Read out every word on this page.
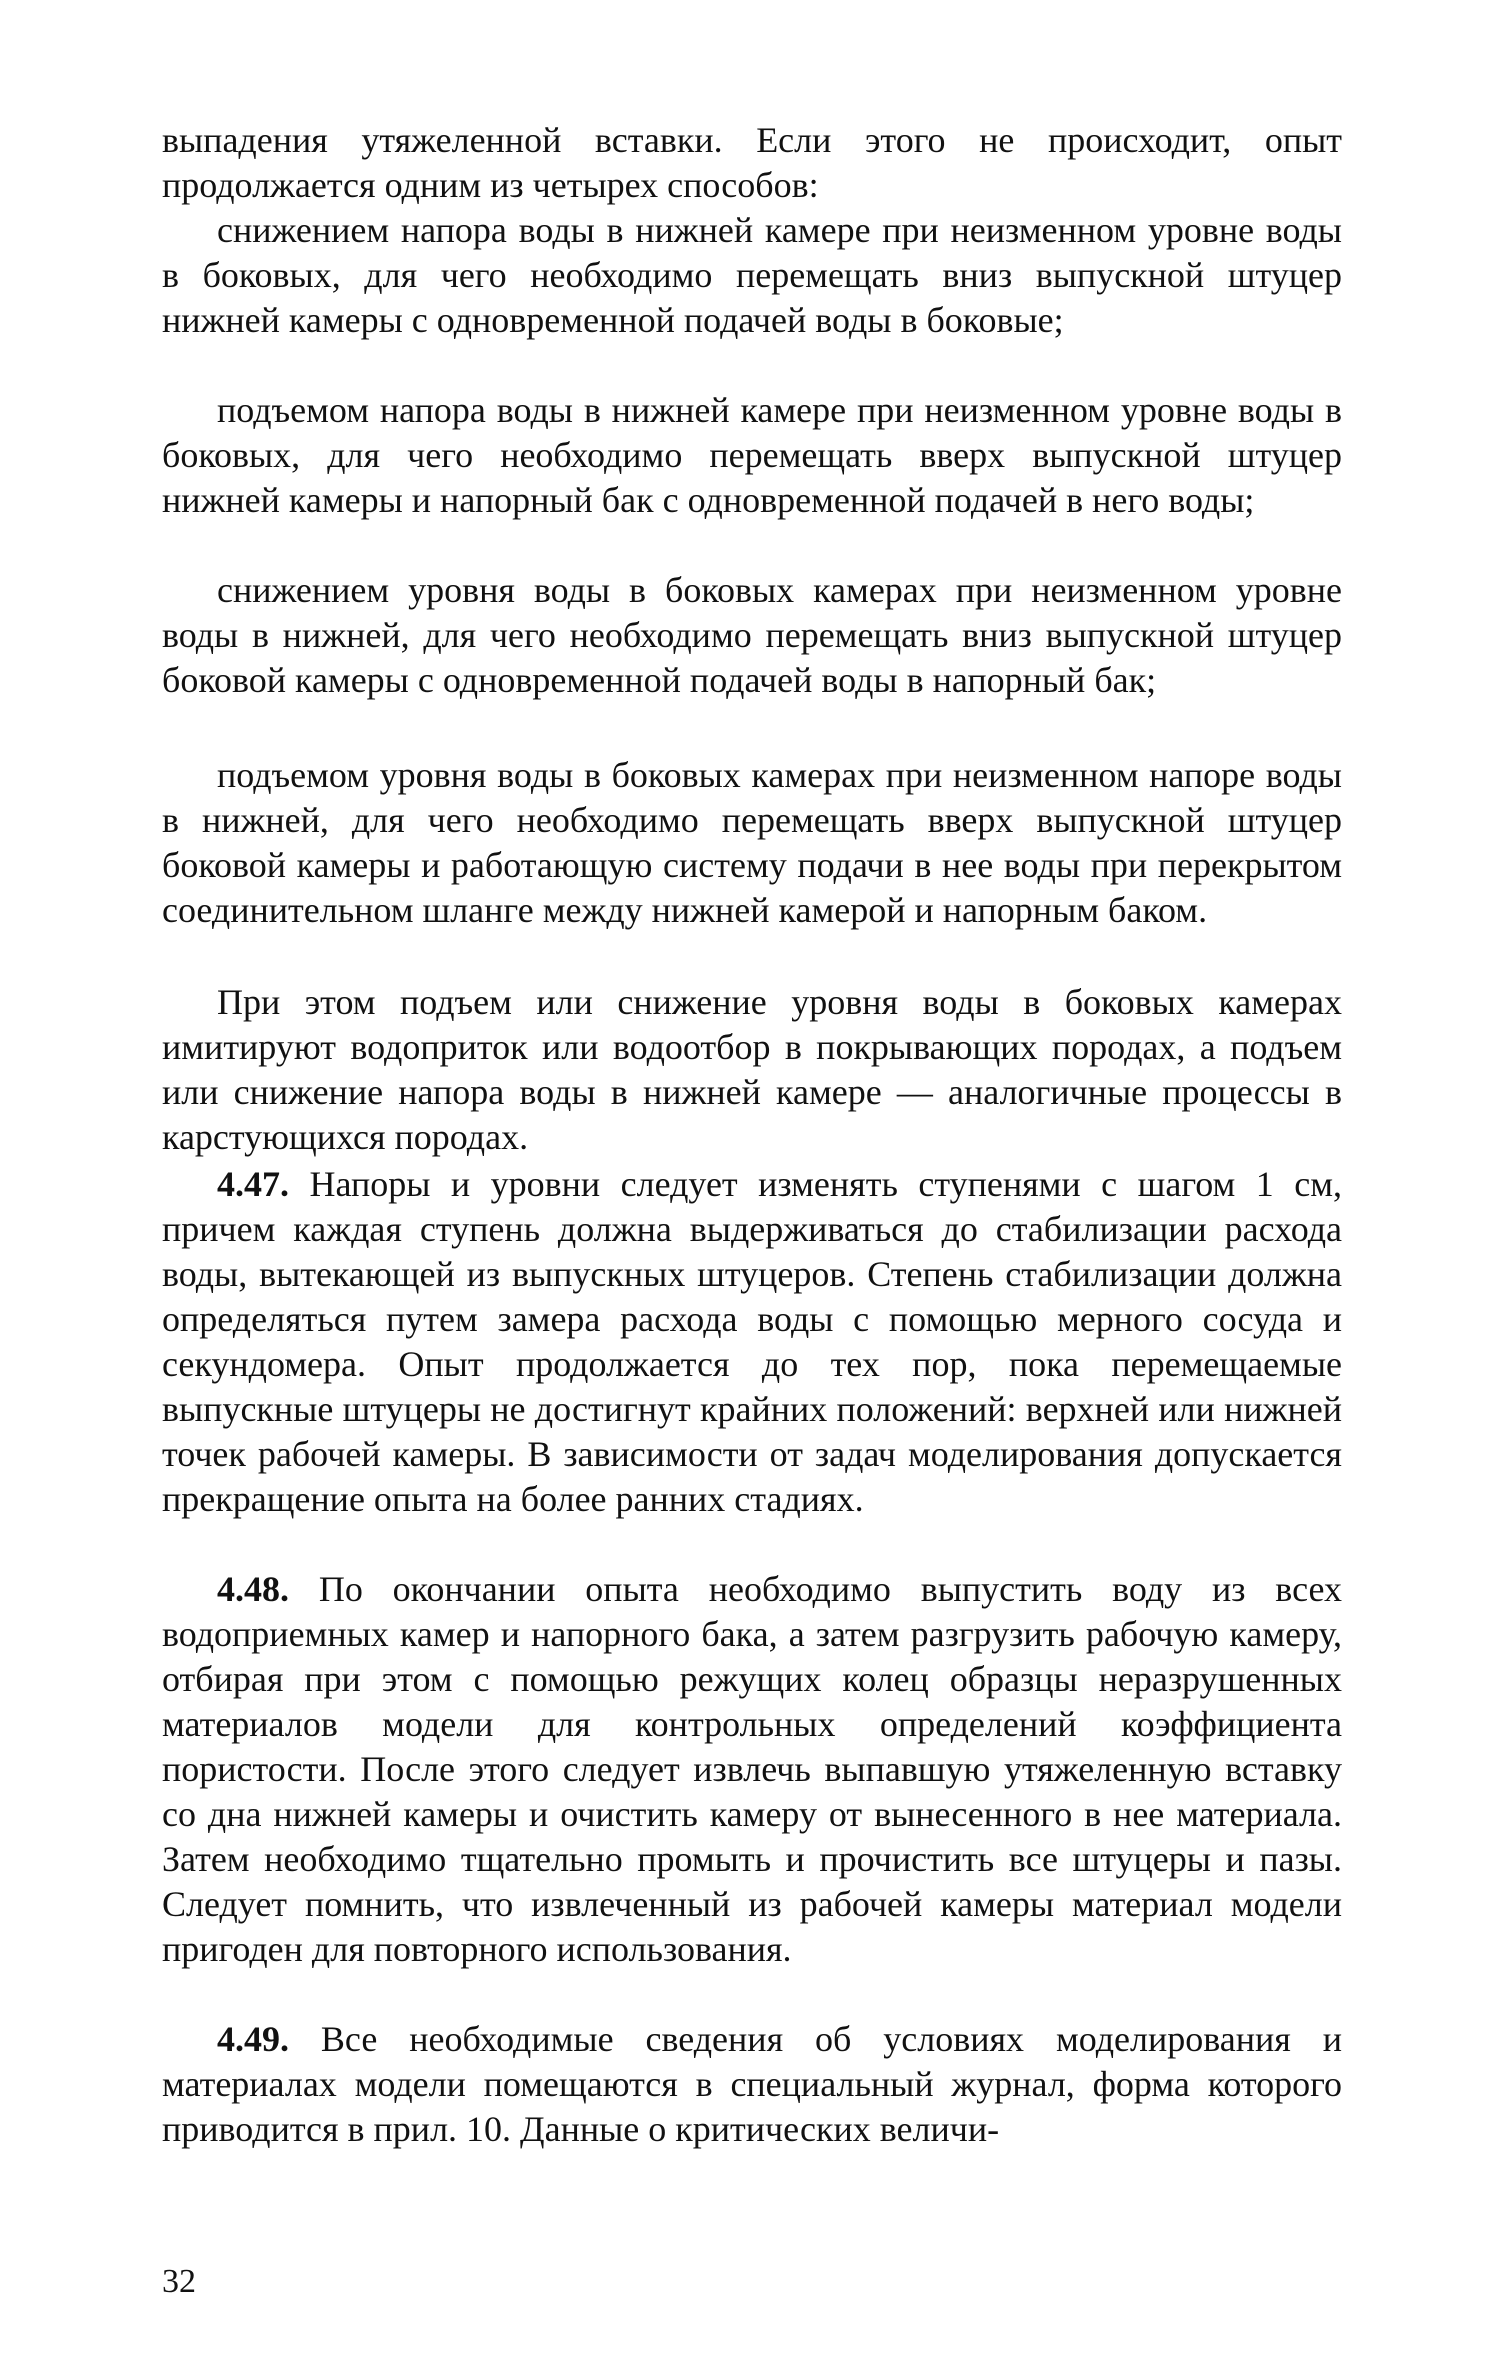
выпадения утяжеленной вставки. Если этого не происходит, опыт продолжается одним из четырех способов:

снижением напора воды в нижней камере при неизменном уровне воды в боковых, для чего необходимо перемещать вниз выпускной штуцер нижней камеры с одновременной подачей воды в боковые;

подъемом напора воды в нижней камере при неизменном уровне воды в боковых, для чего необходимо перемещать вверх выпускной штуцер нижней камеры и напорный бак с одновременной подачей в него воды;

снижением уровня воды в боковых камерах при неизменном уровне воды в нижней, для чего необходимо перемещать вниз выпускной штуцер боковой камеры с одновременной подачей воды в напорный бак;

подъемом уровня воды в боковых камерах при неизменном напоре воды в нижней, для чего необходимо перемещать вверх выпускной штуцер боковой камеры и работающую систему подачи в нее воды при перекрытом соединительном шланге между нижней камерой и напорным баком.

При этом подъем или снижение уровня воды в боковых камерах имитируют водоприток или водоотбор в покрывающих породах, а подъем или снижение напора воды в нижней камере — аналогичные процессы в карстующихся породах.

4.47. Напоры и уровни следует изменять ступенями с шагом 1 см, причем каждая ступень должна выдерживаться до стабилизации расхода воды, вытекающей из выпускных штуцеров. Степень стабилизации должна определяться путем замера расхода воды с помощью мерного сосуда и секундомера. Опыт продолжается до тех пор, пока перемещаемые выпускные штуцеры не достигнут крайних положений: верхней или нижней точек рабочей камеры. В зависимости от задач моделирования допускается прекращение опыта на более ранних стадиях.

4.48. По окончании опыта необходимо выпустить воду из всех водоприемных камер и напорного бака, а затем разгрузить рабочую камеру, отбирая при этом с помощью режущих колец образцы неразрушенных материалов модели для контрольных определений коэффициента пористости. После этого следует извлечь выпавшую утяжеленную вставку со дна нижней камеры и очистить камеру от вынесенного в нее материала. Затем необходимо тщательно промыть и прочистить все штуцеры и пазы. Следует помнить, что извлеченный из рабочей камеры материал модели пригоден для повторного использования.

4.49. Все необходимые сведения об условиях моделирования и материалах модели помещаются в специальный журнал, форма которого приводится в прил. 10. Данные о критических величи-

32
